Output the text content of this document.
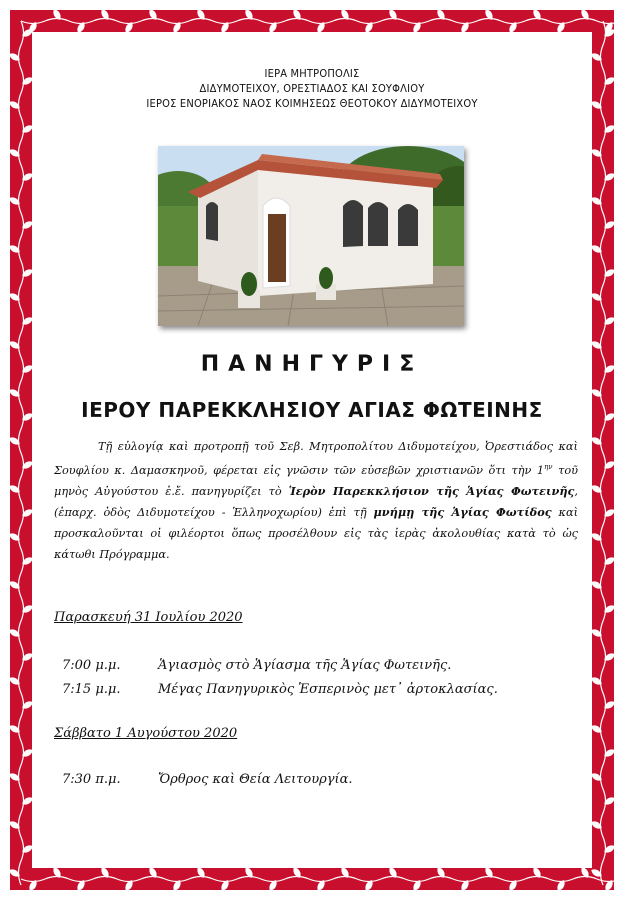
ΙΕΡΑ ΜΗΤΡΟΠΟΛΙΣ
ΔΙΔΥΜΟΤΕΙΧΟΥ, ΟΡΕΣΤΙΑΔΟΣ ΚΑΙ ΣΟΥΦΛΙΟΥ
ΙΕΡΟΣ ΕΝΟΡΙΑΚΟΣ ΝΑΟΣ ΚΟΙΜΗΣΕΩΣ ΘΕΟΤΟΚΟΥ ΔΙΔΥΜΟΤΕΙΧΟΥ
ΠΑΝΗΓΥΡΙΣ
ΙΕΡΟΥ ΠΑΡΕΚΚΛΗΣΙΟΥ ΑΓΙΑΣ ΦΩΤΕΙΝΗΣ
Τῇ εὐλογίᾳ καὶ προτροπῇ τοῦ Σεβ. Μητροπολίτου Διδυμοτείχου, Ὀρεστιάδος καὶ Σουφλίου κ. Δαμασκηνοῦ, φέρεται εἰς γνῶσιν τῶν εὐσεβῶν χριστιανῶν ὅτι τὴν $1^{\eta\nu}$ τοῦ μηνὸς Αὐγούστου ἐ.ἔ. πανηγυρίζει τὸ Ἱερὸν Παρεκκλήσιον τῆς Ἁγίας Φωτεινῆς, (ἐπαρχ. ὁδὸς Διδυμοτείχου - Ἑλληνοχωρίου) ἐπὶ τῇ μνήμῃ τῆς Ἁγίας Φωτίδος καὶ προσκαλοῦνται οἱ φιλέορτοι ὅπως προσέλθουν εἰς τὰς ἱερὰς ἀκολουθίας κατὰ τὸ ὡς κάτωθι Πρόγραμμα.
Παρασκευή 31 Ιουλίου 2020
7:00 μ.μ.	Ἁγιασμὸς στὸ Ἁγίασμα τῆς Ἁγίας Φωτεινῆς.
7:15 μ.μ.	Μέγας Πανηγυρικὸς Ἑσπερινὸς μετ᾽ ἀρτοκλασίας.
Σάββατο 1 Αυγούστου 2020
7:30 π.μ.	Ὄρθρος καὶ Θεία Λειτουργία.
